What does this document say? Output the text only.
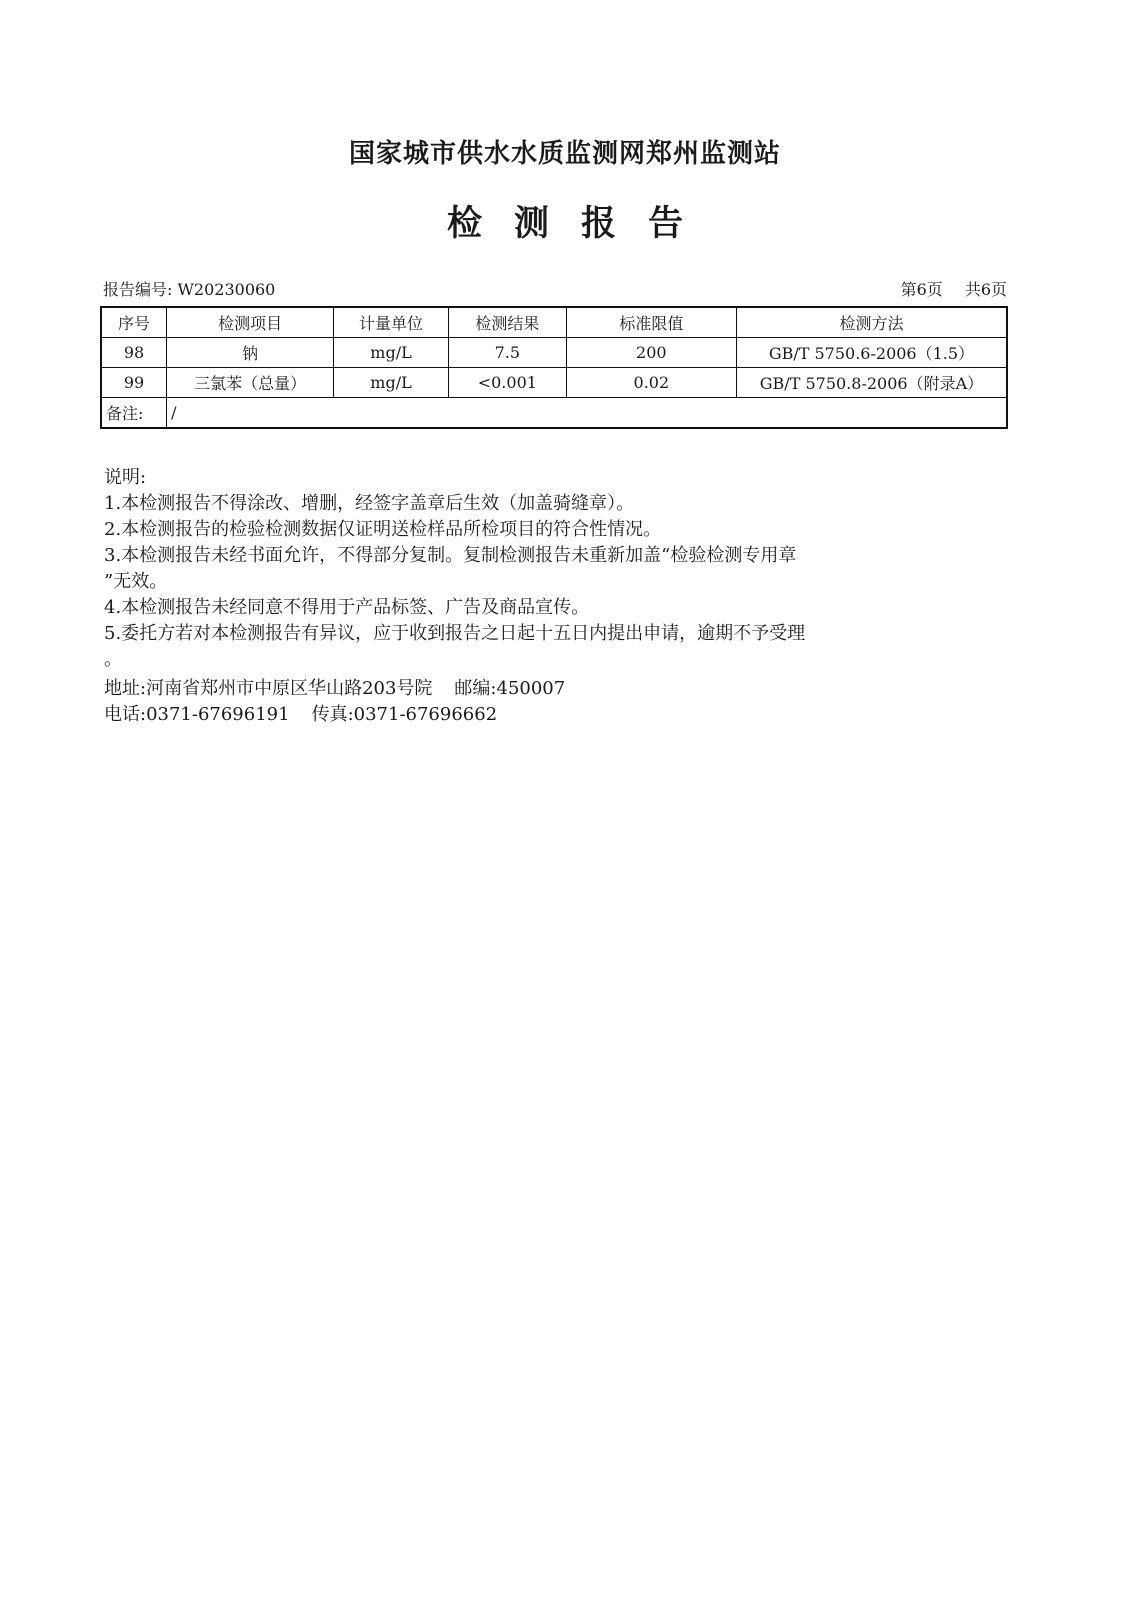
国家城市供水水质监测网郑州监测站
检测报告
报告编号: W20230060	第6页 共6页
序号	检测项目	计量单位	检测结果	标准限值	检测方法
98	钠	mg/L	7.5	200	GB/T 5750.6-2006（1.5）
99	三氯苯（总量）	mg/L	<0.001	0.02	GB/T 5750.8-2006（附录A）
备注:	/				
说明:
1.本检测报告不得涂改、增删，经签字盖章后生效（加盖骑缝章）。
2.本检测报告的检验检测数据仅证明送检样品所检项目的符合性情况。
3.本检测报告未经书面允许，不得部分复制。复制检测报告未重新加盖“检验检测专用章
”无效。
4.本检测报告未经同意不得用于产品标签、广告及商品宣传。
5.委托方若对本检测报告有异议，应于收到报告之日起十五日内提出申请，逾期不予受理
。
地址:河南省郑州市中原区华山路203号院 邮编:450007
电话:0371-67696191 传真:0371-67696662
